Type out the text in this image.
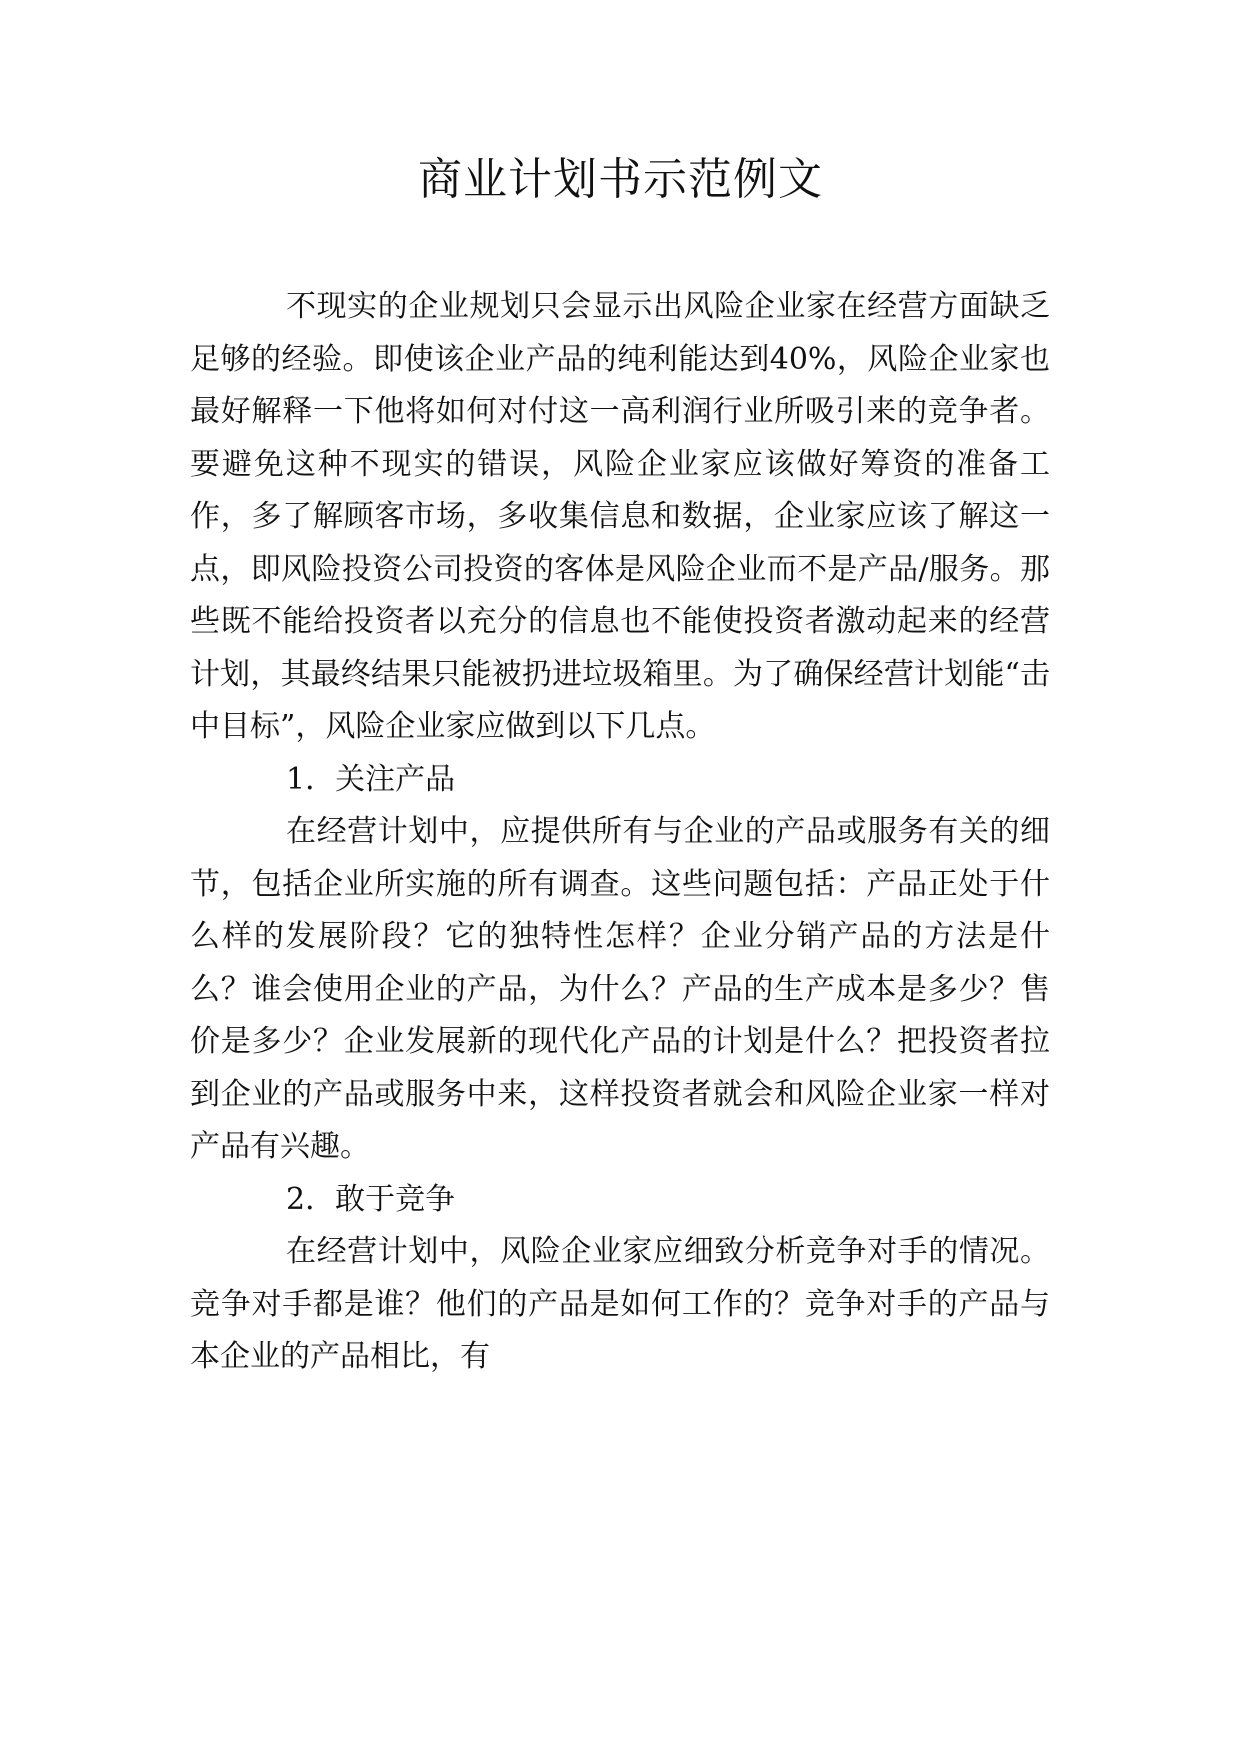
商业计划书示范例文

不现实的企业规划只会显示出风险企业家在经营方面缺乏足够的经验。即使该企业产品的纯利能达到40%，风险企业家也最好解释一下他将如何对付这一高利润行业所吸引来的竞争者。要避免这种不现实的错误，风险企业家应该做好筹资的准备工作，多了解顾客市场，多收集信息和数据，企业家应该了解这一点，即风险投资公司投资的客体是风险企业而不是产品/服务。那些既不能给投资者以充分的信息也不能使投资者激动起来的经营计划，其最终结果只能被扔进垃圾箱里。为了确保经营计划能“击中目标”，风险企业家应做到以下几点。

1．关注产品

在经营计划中，应提供所有与企业的产品或服务有关的细节，包括企业所实施的所有调查。这些问题包括：产品正处于什么样的发展阶段？它的独特性怎样？企业分销产品的方法是什么？谁会使用企业的产品，为什么？产品的生产成本是多少？售价是多少？企业发展新的现代化产品的计划是什么？把投资者拉到企业的产品或服务中来，这样投资者就会和风险企业家一样对产品有兴趣。

2．敢于竞争

在经营计划中，风险企业家应细致分析竞争对手的情况。竞争对手都是谁？他们的产品是如何工作的？竞争对手的产品与本企业的产品相比，有
